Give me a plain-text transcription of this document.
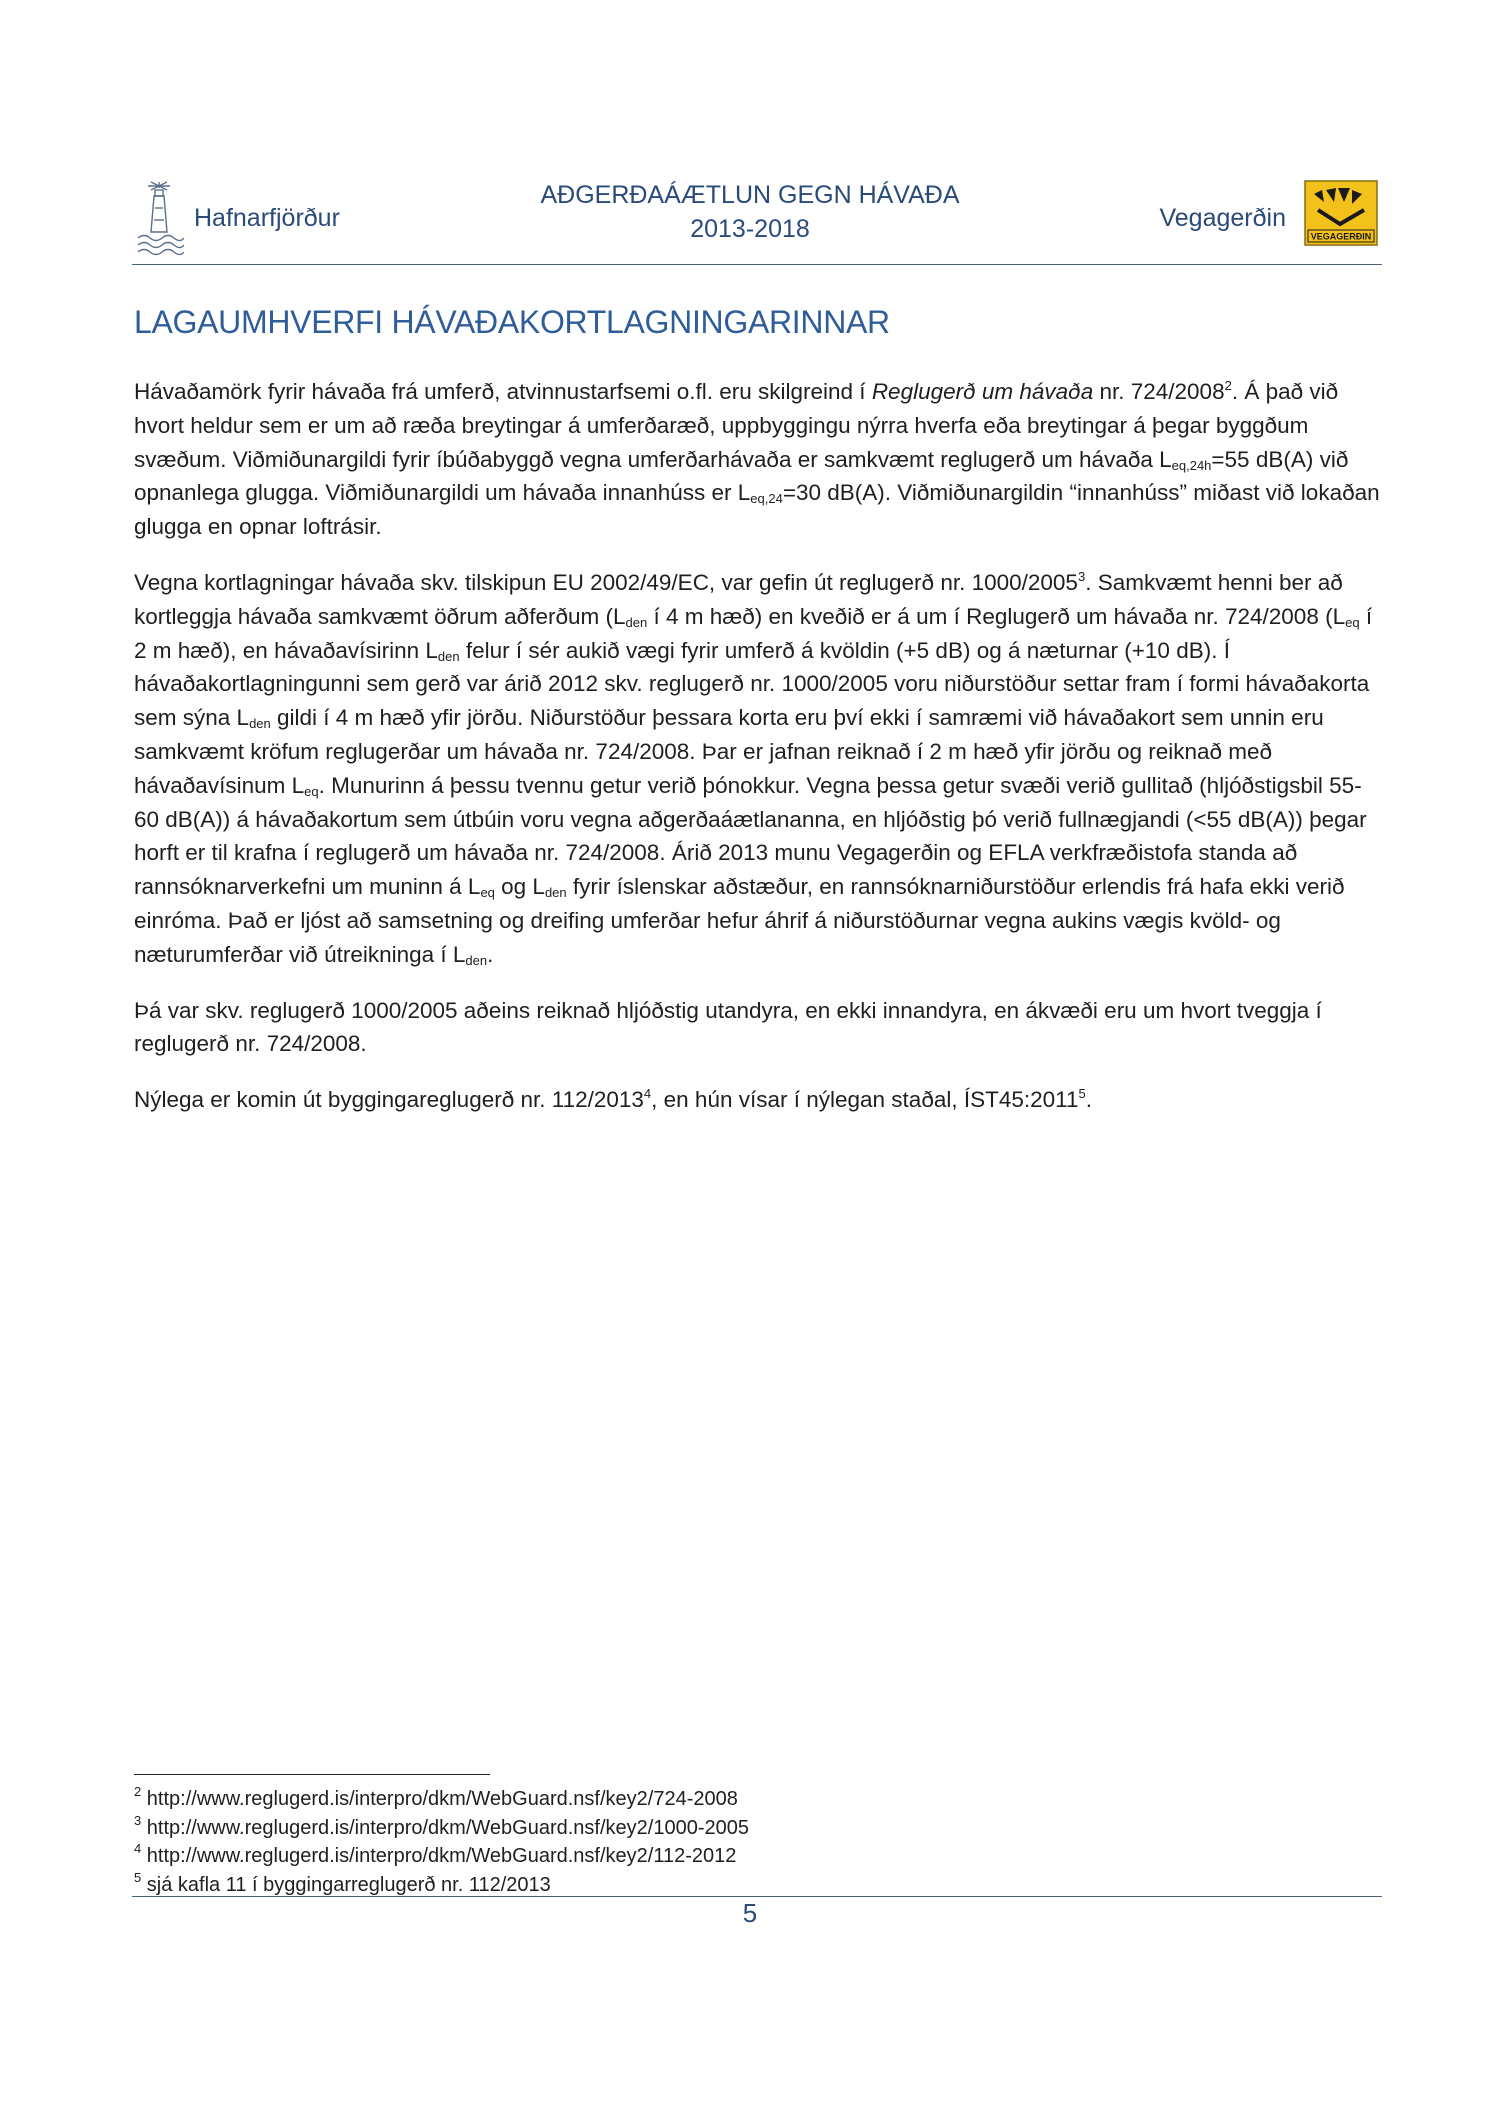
Hafnarfjörður
AÐGERÐAÁÆTLUN GEGN HÁVAÐA
2013-2018	Vegagerðin
VEGAGERÐIN
LAGAUMHVERFI HÁVAÐAKORTLAGNINGARINNAR

Hávaðamörk fyrir hávaða frá umferð, atvinnustarfsemi o.fl. eru skilgreind í Reglugerð um hávaða nr. 724/2008$^2$. Á það við hvort heldur sem er um að ræða breytingar á umferðaræð, uppbyggingu nýrra hverfa eða breytingar á þegar byggðum svæðum. Viðmiðunargildi fyrir íbúðabyggð vegna umferðarhávaða er samkvæmt reglugerð um hávaða $L_{eq,24h}=55$ dB(A) við opnanlega glugga. Viðmiðunargildi um hávaða innanhúss er $L_{eq,24}=30$ dB(A). Viðmiðunargildin “innanhúss” miðast við lokaðan glugga en opnar loftrásir.

Vegna kortlagningar hávaða skv. tilskipun EU 2002/49/EC, var gefin út reglugerð nr. 1000/2005$^3$. Samkvæmt henni ber að kortleggja hávaða samkvæmt öðrum aðferðum ($L_{den}$ í 4 m hæð) en kveðið er á um í Reglugerð um hávaða nr. 724/2008 ($L_{eq}$ í 2 m hæð), en hávaðavísirinn $L_{den}$ felur í sér aukið vægi fyrir umferð á kvöldin (+5 dB) og á næturnar (+10 dB). Í hávaðakortlagningunni sem gerð var árið 2012 skv. reglugerð nr. 1000/2005 voru niðurstöður settar fram í formi hávaðakorta sem sýna $L_{den}$ gildi í 4 m hæð yfir jörðu. Niðurstöður þessara korta eru því ekki í samræmi við hávaðakort sem unnin eru samkvæmt kröfum reglugerðar um hávaða nr. 724/2008. Þar er jafnan reiknað í 2 m hæð yfir jörðu og reiknað með hávaðavísinum $L_{eq}$. Munurinn á þessu tvennu getur verið þónokkur. Vegna þessa getur svæði verið gullitað (hljóðstigsbil 55-60 dB(A)) á hávaðakortum sem útbúin voru vegna aðgerðaáætlananna, en hljóðstig þó verið fullnægjandi (<55 dB(A)) þegar horft er til krafna í reglugerð um hávaða nr. 724/2008. Árið 2013 munu Vegagerðin og EFLA verkfræðistofa standa að rannsóknarverkefni um muninn á $L_{eq}$ og $L_{den}$ fyrir íslenskar aðstæður, en rannsóknarniðurstöður erlendis frá hafa ekki verið einróma. Það er ljóst að samsetning og dreifing umferðar hefur áhrif á niðurstöðurnar vegna aukins vægis kvöld- og næturumferðar við útreikninga í $L_{den}$.

Þá var skv. reglugerð 1000/2005 aðeins reiknað hljóðstig utandyra, en ekki innandyra, en ákvæði eru um hvort tveggja í reglugerð nr. 724/2008.

Nýlega er komin út byggingareglugerð nr. 112/2013$^4$, en hún vísar í nýlegan staðal, ÍST45:2011$^5$.

$^2$ http://www.reglugerd.is/interpro/dkm/WebGuard.nsf/key2/724-2008
$^3$ http://www.reglugerd.is/interpro/dkm/WebGuard.nsf/key2/1000-2005
$^4$ http://www.reglugerd.is/interpro/dkm/WebGuard.nsf/key2/112-2012
$^5$ sjá kafla 11 í byggingarreglugerð nr. 112/2013
5
